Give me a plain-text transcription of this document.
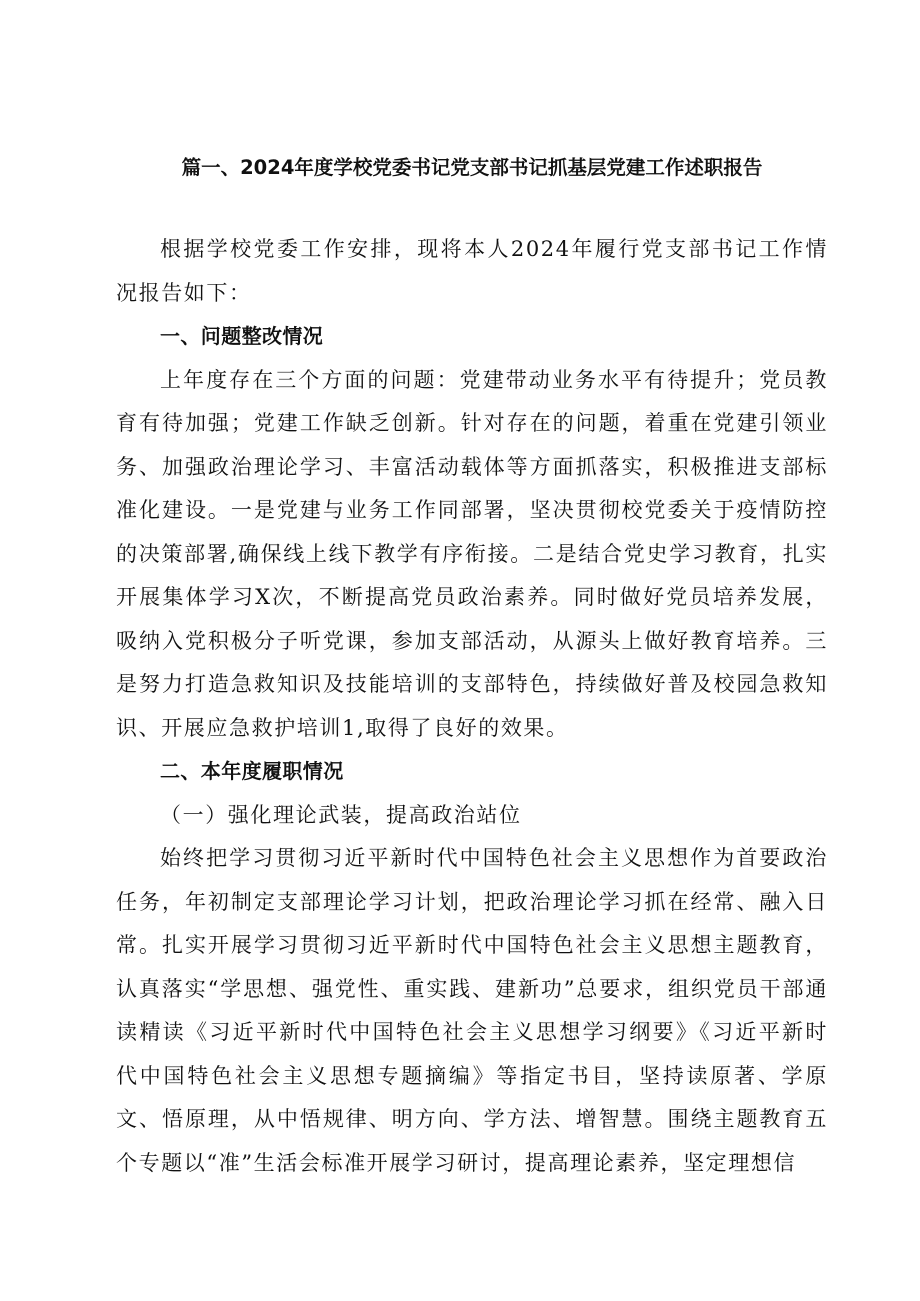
篇一、2024年度学校党委书记党支部书记抓基层党建工作述职报告

根据学校党委工作安排，现将本人2024年履行党支部书记工作情况报告如下：

一、问题整改情况

上年度存在三个方面的问题：党建带动业务水平有待提升；党员教育有待加强；党建工作缺乏创新。针对存在的问题，着重在党建引领业务、加强政治理论学习、丰富活动载体等方面抓落实，积极推进支部标准化建设。一是党建与业务工作同部署，坚决贯彻校党委关于疫情防控的决策部署,确保线上线下教学有序衔接。二是结合党史学习教育，扎实开展集体学习X次，不断提高党员政治素养。同时做好党员培养发展，吸纳入党积极分子听党课，参加支部活动，从源头上做好教育培养。三是努力打造急救知识及技能培训的支部特色，持续做好普及校园急救知识、开展应急救护培训1,取得了良好的效果。

二、本年度履职情况

（一）强化理论武装，提高政治站位

始终把学习贯彻习近平新时代中国特色社会主义思想作为首要政治任务，年初制定支部理论学习计划，把政治理论学习抓在经常、融入日常。扎实开展学习贯彻习近平新时代中国特色社会主义思想主题教育，认真落实“学思想、强党性、重实践、建新功”总要求，组织党员干部通读精读《习近平新时代中国特色社会主义思想学习纲要》《习近平新时代中国特色社会主义思想专题摘编》等指定书目，坚持读原著、学原文、悟原理，从中悟规律、明方向、学方法、增智慧。围绕主题教育五个专题以“准”生活会标准开展学习研讨，提高理论素养，坚定理想信
